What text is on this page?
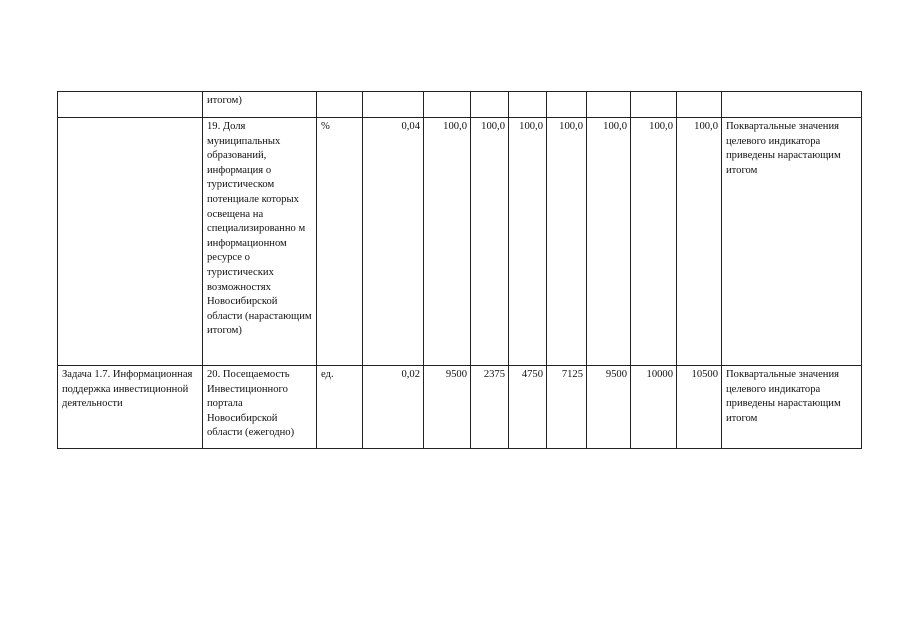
	итогом)										
	19. Доля муниципальных образований, информация о туристическом потенциале которых освещена на специализированно м информационном ресурсе о туристических возможностях Новосибирской области (нарастающим итогом)	%	0,04	100,0	100,0	100,0	100,0	100,0	100,0	100,0	Поквартальные значения целевого индикатора приведены нарастающим итогом
Задача 1.7. Информационная поддержка инвестиционной деятельности	20. Посещаемость Инвестиционного портала Новосибирской области (ежегодно)	ед.	0,02	9500	2375	4750	7125	9500	10000	10500	Поквартальные значения целевого индикатора приведены нарастающим итогом
